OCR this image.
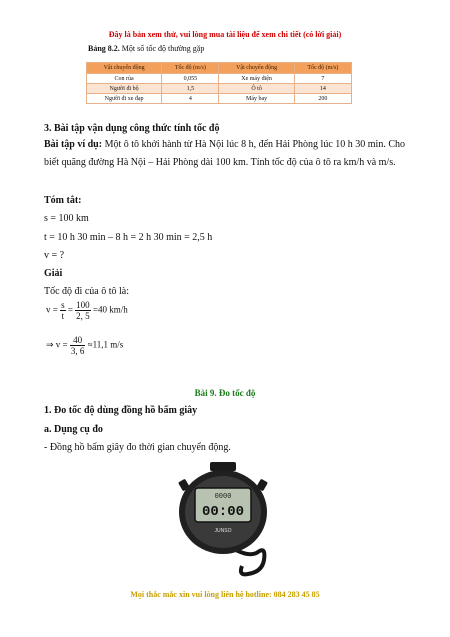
Đây là bản xem thử, vui lòng mua tài liệu để xem chi tiết (có lời giải)
Bảng 8.2. Một số tốc độ thường gặp
Vật chuyển động	Tốc độ (m/s)	Vật chuyển động	Tốc độ (m/s)
Con rùa	0,055	Xe máy điện	7
Người đi bộ	1,5	Ô tô	14
Người đi xe đạp	4	Máy bay	200
3. Bài tập vận dụng công thức tính tốc độ
Bài tập ví dụ: Một ô tô khởi hành từ Hà Nội lúc 8 h, đến Hải Phòng lúc 10 h 30 min. Cho biết quãng đường Hà Nội – Hải Phòng dài 100 km. Tính tốc độ của ô tô ra km/h và m/s.
Tóm tắt:
s = 100 km
t = 10 h 30 min – 8 h = 2 h 30 min = 2,5 h
v = ?
Giải
Tốc độ đi của ô tô là:
$v = \frac{s}{t} = \frac{100}{2, 5} =40$ km/h
⇒ $v = \frac{40}{3, 6} \approx 11,1$ m/s
Bài 9. Đo tốc độ
1. Đo tốc độ dùng đồng hồ bấm giây
a. Dụng cụ đo
- Đồng hồ bấm giây đo thời gian chuyển động.
0000
00:00
JUNSO
Mọi thắc mắc xin vui lòng liên hệ hotline: 084 283 45 85
